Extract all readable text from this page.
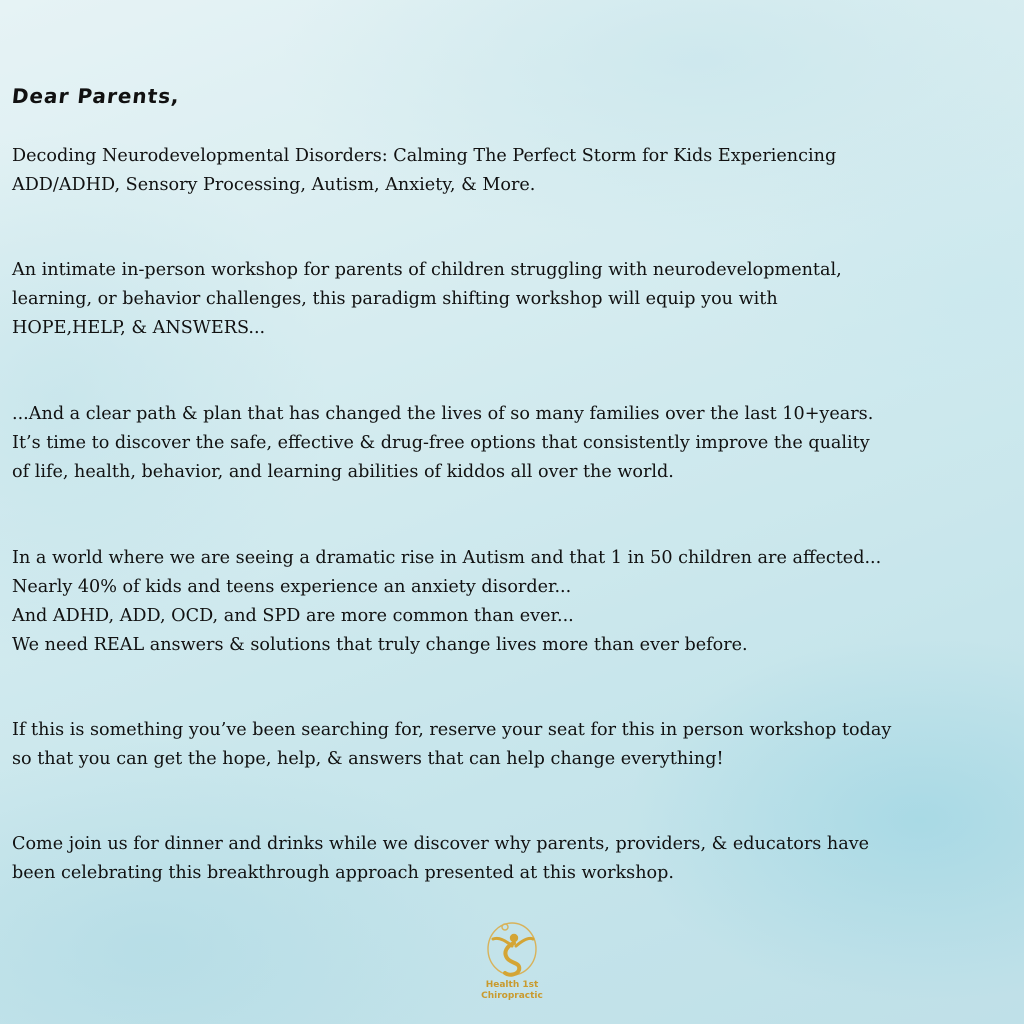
Dear Parents,

Decoding Neurodevelopmental Disorders: Calming The Perfect Storm for Kids Experiencing
ADD/ADHD, Sensory Processing, Autism, Anxiety, & More.

An intimate in-person workshop for parents of children struggling with neurodevelopmental,
learning, or behavior challenges, this paradigm shifting workshop will equip you with
HOPE,HELP, & ANSWERS...

...And a clear path & plan that has changed the lives of so many families over the last 10+years.
It’s time to discover the safe, effective & drug-free options that consistently improve the quality
of life, health, behavior, and learning abilities of kiddos all over the world.

In a world where we are seeing a dramatic rise in Autism and that 1 in 50 children are affected...
Nearly 40% of kids and teens experience an anxiety disorder...
And ADHD, ADD, OCD, and SPD are more common than ever...
We need REAL answers & solutions that truly change lives more than ever before.

If this is something you’ve been searching for, reserve your seat for this in person workshop today
so that you can get the hope, help, & answers that can help change everything!

Come join us for dinner and drinks while we discover why parents, providers, & educators have
been celebrating this breakthrough approach presented at this workshop.

Health 1st
Chiropractic
